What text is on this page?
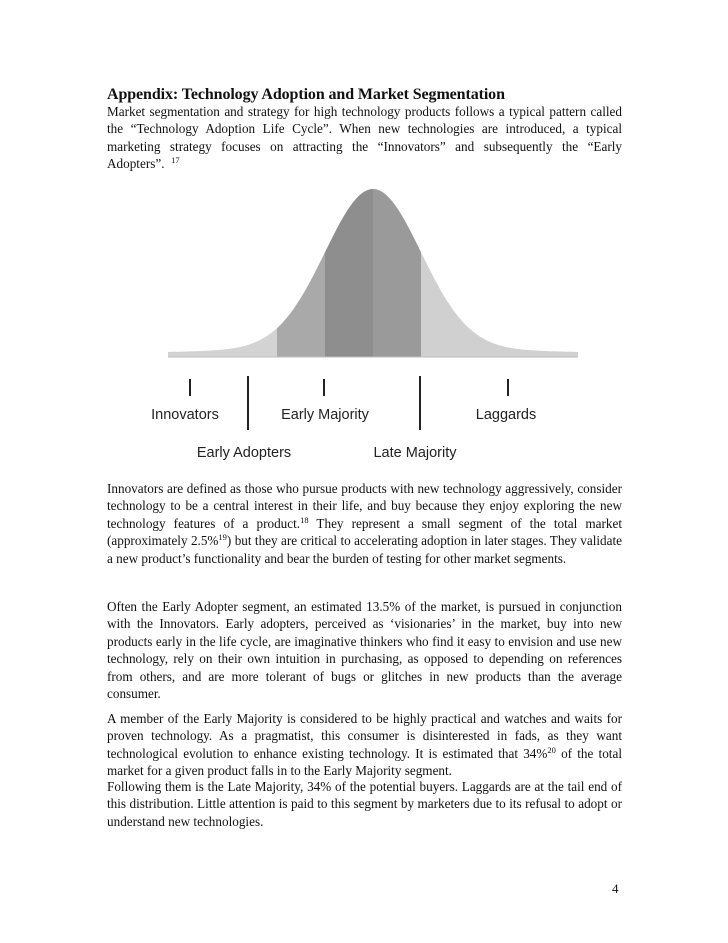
Appendix: Technology Adoption and Market Segmentation

Market segmentation and strategy for high technology products follows a typical pattern called the “Technology Adoption Life Cycle”. When new technologies are introduced, a typical marketing strategy focuses on attracting the “Innovators” and subsequently the “Early Adopters”. $^{17}$

Innovators	Early Majority	Laggards
Early Adopters	Late Majority

Innovators are defined as those who pursue products with new technology aggressively, consider technology to be a central interest in their life, and buy because they enjoy exploring the new technology features of a product.$^{18}$ They represent a small segment of the total market (approximately 2.5%$^{19}$) but they are critical to accelerating adoption in later stages. They validate a new product’s functionality and bear the burden of testing for other market segments.

Often the Early Adopter segment, an estimated 13.5% of the market, is pursued in conjunction with the Innovators. Early adopters, perceived as ‘visionaries’ in the market, buy into new products early in the life cycle, are imaginative thinkers who find it easy to envision and use new technology, rely on their own intuition in purchasing, as opposed to depending on references from others, and are more tolerant of bugs or glitches in new products than the average consumer.

A member of the Early Majority is considered to be highly practical and watches and waits for proven technology. As a pragmatist, this consumer is disinterested in fads, as they want technological evolution to enhance existing technology. It is estimated that 34%$^{20}$ of the total market for a given product falls in to the Early Majority segment.

Following them is the Late Majority, 34% of the potential buyers. Laggards are at the tail end of this distribution. Little attention is paid to this segment by marketers due to its refusal to adopt or understand new technologies.

4
